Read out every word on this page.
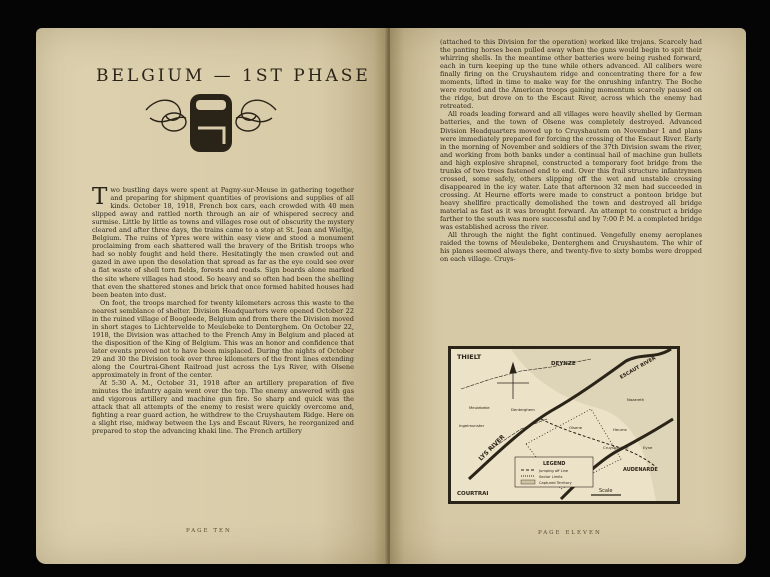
BELGIUM — 1ST PHASE

Two bustling days were spent at Pagny-sur-Meuse in gathering together and preparing for shipment quantities of provisions and supplies of all kinds. October 18, 1918, French box cars, each crowded with 40 men slipped away and rattled north through an air of whispered secrecy and surmise. Little by little as towns and villages rose out of obscurity the mystery cleared and after three days, the trains came to a stop at St. Jean and Wieltje, Belgium. The ruins of Ypres were within easy view and stood a monument proclaiming from each shattered wall the bravery of the British troops who had so nobly fought and held there. Hesitatingly the men crawled out and gazed in awe upon the desolation that spread as far as the eye could see over a flat waste of shell torn fields, forests and roads. Sign boards alone marked the site where villages had stood. So heavy and so often had been the shelling that even the shattered stones and brick that once formed habited houses had been beaten into dust.

On foot, the troops marched for twenty kilometers across this waste to the nearest semblance of shelter. Division Headquarters were opened October 22 in the ruined village of Boogleede, Belgium and from there the Division moved in short stages to Lichtervelde to Meulebeke to Denterghem. On October 22, 1918, the Division was attached to the French Amy in Belgium and placed at the disposition of the King of Belgium. This was an honor and confidence that later events proved not to have been misplaced. During the nights of October 29 and 30 the Division took over three kilometers of the front lines extending along the Courtrai-Ghent Railroad just across the Lys River, with Olsene approximately in front of the center.

At 5:30 A. M., October 31, 1918 after an artillery preparation of five minutes the infantry again went over the top. The enemy answered with gas and vigorous artillery and machine gun fire. So sharp and quick was the attack that all attempts of the enemy to resist were quickly overcome and, fighting a rear guard action, he withdrew to the Cruyshautem Ridge. Here on a slight rise, midway between the Lys and Escaut Rivers, he reorganized and prepared to stop the advancing khaki line. The French artillery

PAGE TEN

(attached to this Division for the operation) worked like trojans. Scarcely had the panting horses been pulled away when the guns would begin to spit their whirring shells. In the meantime other batteries were being rushed forward, each in turn keeping up the tune while others advanced. All calibers were finally firing on the Cruyshautem ridge and concentrating there for a few moments, lifted in time to make way for the onrushing infantry. The Boche were routed and the American troops gaining momentum scarcely paused on the ridge, but drove on to the Escaut River, across which the enemy had retreated.

All roads leading forward and all villages were heavily shelled by German batteries, and the town of Olsene was completely destroyed. Advanced Division Headquarters moved up to Cruyshautem on November 1 and plans were immediately prepared for forcing the crossing of the Escaut River. Early in the morning of November and soldiers of the 37th Division swam the river, and working from both banks under a continual hail of machine gun bullets and high explosive shrapnel, constructed a temporary foot bridge from the trunks of two trees fastened end to end. Over this frail structure infantrymen crossed, some safely, others slipping off the wet and unstable crossing disappeared in the icy water. Late that afternoon 32 men had succeeded in crossing. At Heurne efforts were made to construct a pontoon bridge but heavy shellfire practically demolished the town and destroyed all bridge material as fast as it was brought forward. An attempt to construct a bridge farther to the south was more successful and by 7:00 P. M. a completed bridge was established across the river.

All through the night the fight continued. Vengefully enemy aeroplanes raided the towns of Meulebeke, Denterghem and Cruyshautem. The whir of his planes seemed always there, and twenty-five to sixty bombs were dropped on each village. Cruys-

PAGE ELEVEN
LEGEND
Jumping off Line
Sector Limits
Captured Territory
Scale
THIELT
DEYNZE	ESCAUT RIVER
LYS RIVER
COURTRAI
AUDENARDE
Olsene
Cruyshautem
Heurne
Denterghem
Meulebeke
Ingelmunster
Nazareth
Eyne
